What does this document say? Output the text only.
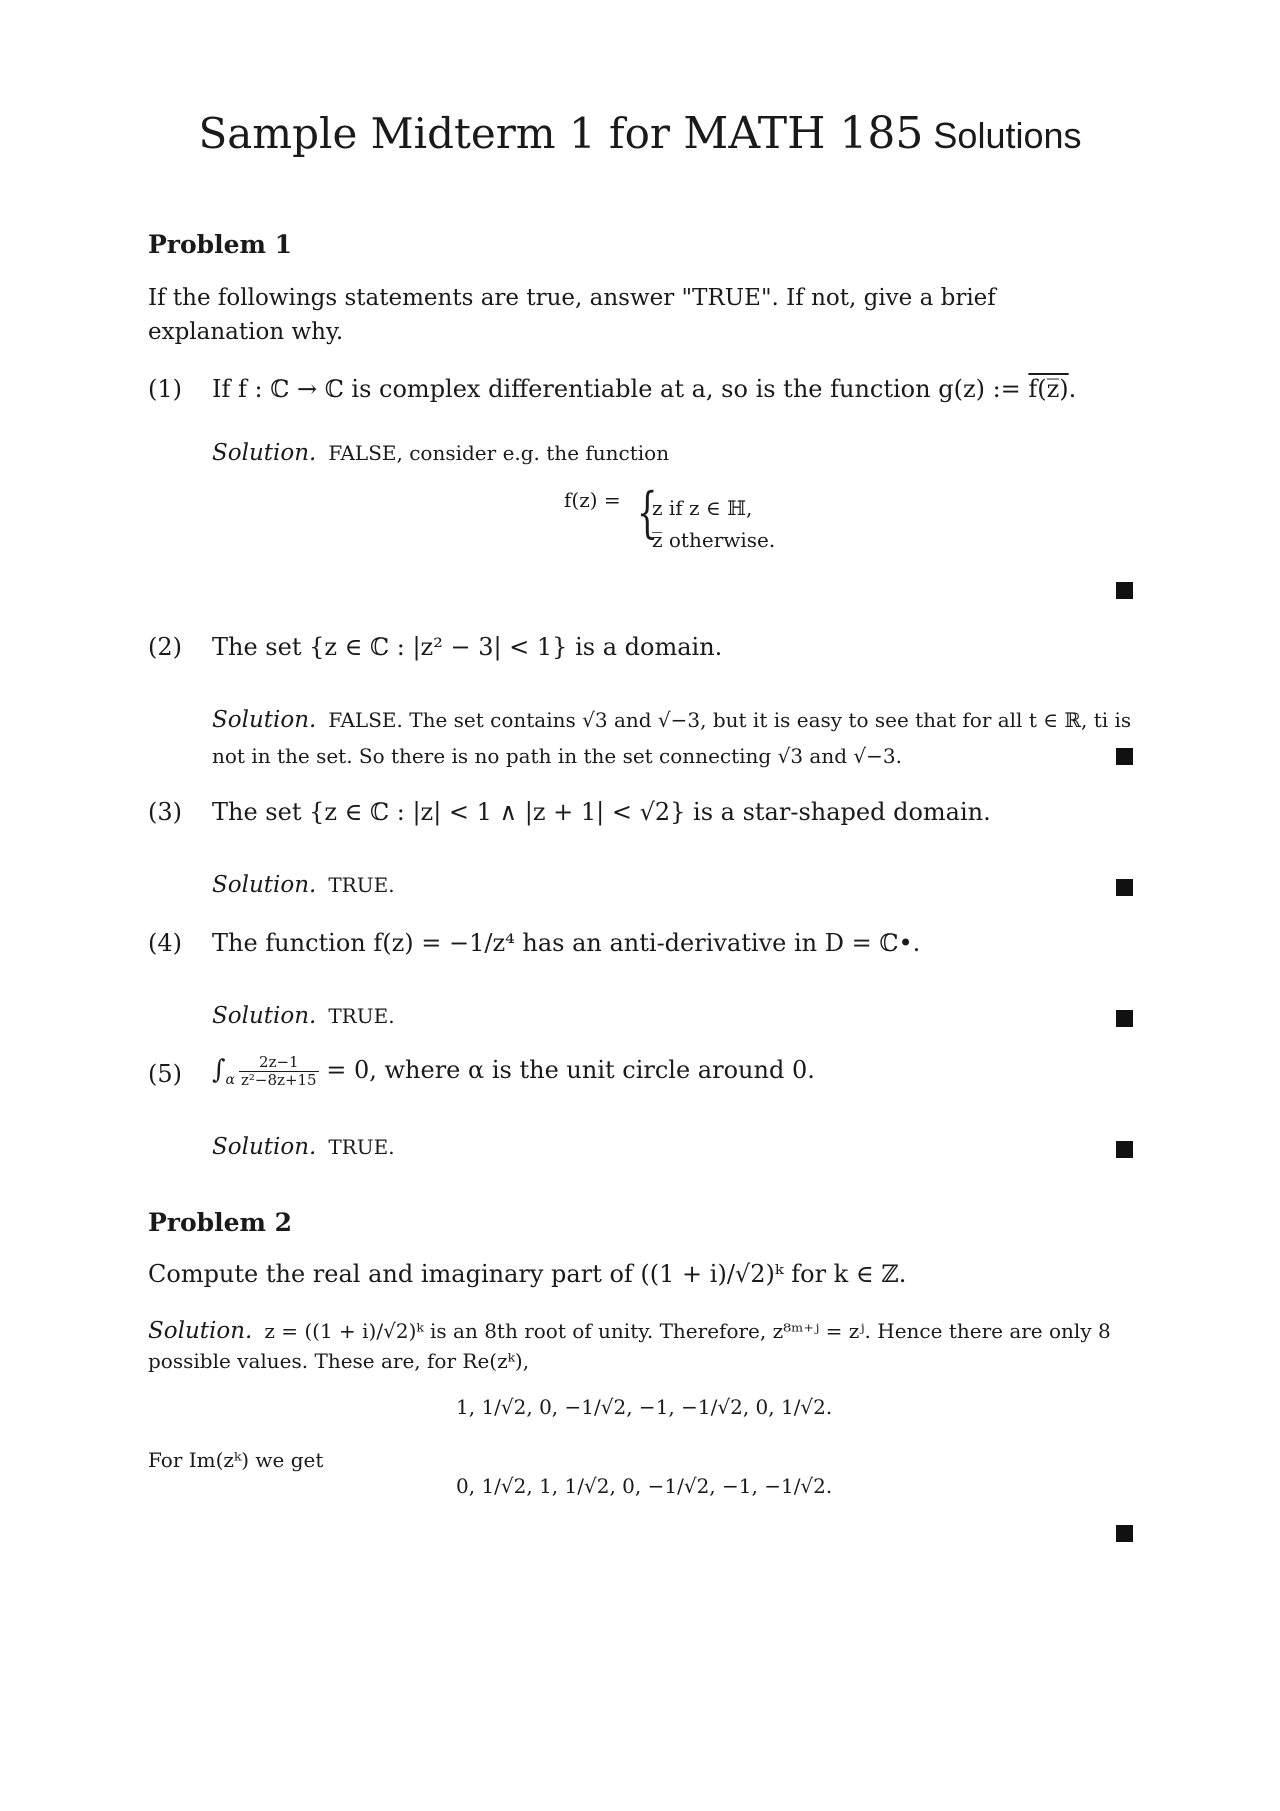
Sample Midterm 1 for MATH 185 Solutions
Problem 1
If the followings statements are true, answer "TRUE". If not, give a brief explanation why.
(1) If f : ℂ → ℂ is complex differentiable at a, so is the function g(z) := f(z̅).
Solution. FALSE, consider e.g. the function
f(z) = {
z if z ∈ ℍ,
z̅ otherwise.
(2) The set {z ∈ ℂ : |z² − 3| < 1} is a domain.
Solution. FALSE. The set contains √3 and √−3, but it is easy to see that for all t ∈ ℝ, ti is not in the set. So there is no path in the set connecting √3 and √−3.
(3) The set {z ∈ ℂ : |z| < 1 ∧ |z + 1| < √2} is a star-shaped domain.
Solution. TRUE.
(4) The function f(z) = −1/z⁴ has an anti-derivative in D = ℂ•.
Solution. TRUE.
(5) $\int_\alpha \frac{2z-1}{\text{z²−8z+15}} = 0$, where α is the unit circle around 0.
Solution. TRUE.
Problem 2
Compute the real and imaginary part of ((1 + i)/√2)ᵏ for k ∈ ℤ.
Solution. z = ((1 + i)/√2)ᵏ is an 8th root of unity. Therefore, z⁸ᵐ⁺ʲ = zʲ. Hence there are only 8 possible values. These are, for Re(zᵏ),
1, 1/√2, 0, −1/√2, −1, −1/√2, 0, 1/√2.
For Im(zᵏ) we get
0, 1/√2, 1, 1/√2, 0, −1/√2, −1, −1/√2.
